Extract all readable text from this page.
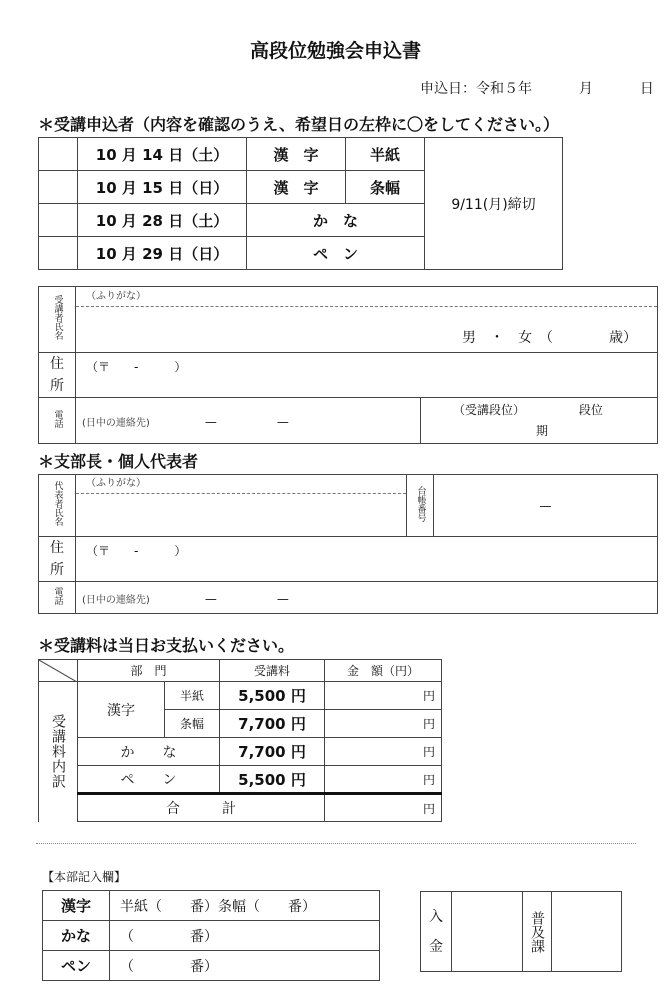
高段位勉強会申込書
申込日：令和５年	月	日
＊受講申込者（内容を確認のうえ、希望日の左枠に〇をしてください。）
	10 月 14 日（土）	漢　字	半紙	9/11(月)締切
	10 月 15 日（日）	漢　字	条幅	
	10 月 28 日（土）	か　な		
	10 月 29 日（日）	ペ　ン		
受講者氏名	（ふりがな）
男　・　女　（　　　　歳）	

住
所	（〒　　-　　　）	
電話	(日中の連絡先) —　　　　　—	（受講段位） 段位
期
＊支部長・個人代表者
代表者氏名	（ふりがな）	台帳番号	—

住
所	（〒　　-　　　）		
電話	(日中の連絡先) —　　　　　—		
＊受講料は当日お支払いください。
	部　門		受講料	金　額（円）

受講料内訳	漢字	半紙	5,500 円	円
		条幅	7,700 円	円
	か　　な		7,700 円	円
	ペ　　ン		5,500 円	円
	合　　　計			円
【本部記入欄】
漢字	半紙（　　番）条幅（　　番）
かな	（　　　　番）
ペン	（　　　　番）
入
金		普及課
